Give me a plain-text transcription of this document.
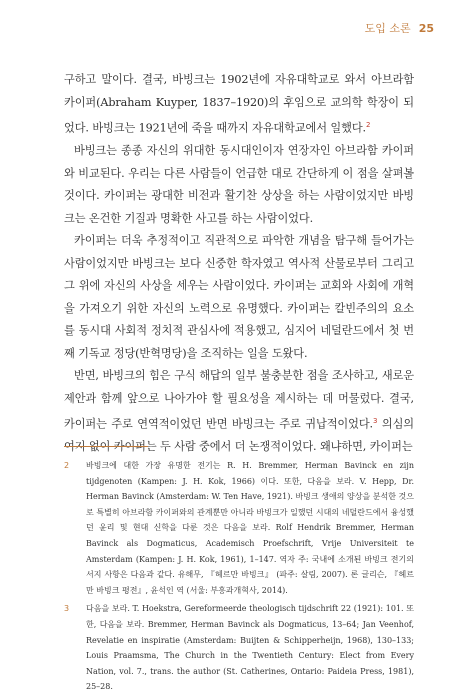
도입 소론 25

구하고 말이다. 결국, 바빙크는 1902년에 자유대학교로 와서 아브라함 카이퍼(Abraham Kuyper, 1837–1920)의 후임으로 교의학 학장이 되었다. 바빙크는 1921년에 죽을 때까지 자유대학교에서 일했다.$^2$

바빙크는 종종 자신의 위대한 동시대인이자 연장자인 아브라함 카이퍼와 비교된다. 우리는 다른 사람들이 언급한 대로 간단하게 이 점을 살펴볼 것이다. 카이퍼는 광대한 비전과 활기찬 상상을 하는 사람이었지만 바빙크는 온건한 기질과 명확한 사고를 하는 사람이었다.

카이퍼는 더욱 추정적이고 직관적으로 파악한 개념을 탐구해 들어가는 사람이었지만 바빙크는 보다 신중한 학자였고 역사적 산물로부터 그리고 그 위에 자신의 사상을 세우는 사람이었다. 카이퍼는 교회와 사회에 개혁을 가져오기 위한 자신의 노력으로 유명했다. 카이퍼는 칼빈주의의 요소를 동시대 사회적 정치적 관심사에 적용했고, 심지어 네덜란드에서 첫 번째 기독교 정당(반혁명당)을 조직하는 일을 도왔다.

반면, 바빙크의 힘은 구식 해답의 일부 불충분한 점을 조사하고, 새로운 제안과 함께 앞으로 나아가야 할 필요성을 제시하는 데 머물렀다. 결국, 카이퍼는 주로 연역적이었던 반면 바빙크는 주로 귀납적이었다.$^3$ 의심의 여지 없이 카이퍼는 두 사람 중에서 더 논쟁적이었다. 왜냐하면, 카이퍼는

2	바빙크에 대한 가장 유명한 전기는 R. H. Bremmer, Herman Bavinck en zijn tijdgenoten (Kampen: J. H. Kok, 1966) 이다. 또한, 다음을 보라. V. Hepp, Dr. Herman Bavinck (Amsterdam: W. Ten Have, 1921). 바빙크 생애의 양상을 분석한 것으로 특별히 아브라함 카이퍼와의 관계뿐만 아니라 바빙크가 일했던 시대의 네덜란드에서 융성했던 윤리 및 현대 신학을 다룬 것은 다음을 보라. Rolf Hendrik Bremmer, Herman Bavinck als Dogmaticus, Academisch Proefschrift, Vrije Universiteit te Amsterdam (Kampen: J. H. Kok, 1961), 1–147. 역자 주: 국내에 소개된 바빙크 전기의 서지 사항은 다음과 같다. 유해무, 『헤르만 바빙크』 (파주: 살림, 2007). 론 글리슨, 『헤르만 바빙크 평전』, 윤석인 역 (서울: 부흥과개혁사, 2014).
3	다음을 보라. T. Hoekstra, Gereformeerde theologisch tijdschrift 22 (1921): 101. 또한, 다음을 보라. Bremmer, Herman Bavinck als Dogmaticus, 13–64; Jan Veenhof, Revelatie en inspiratie (Amsterdam: Buijten & Schipperheijn, 1968), 130–133; Louis Praamsma, The Church in the Twentieth Century: Elect from Every Nation, vol. 7., trans. the author (St. Catherines, Ontario: Paideia Press, 1981), 25–28.
